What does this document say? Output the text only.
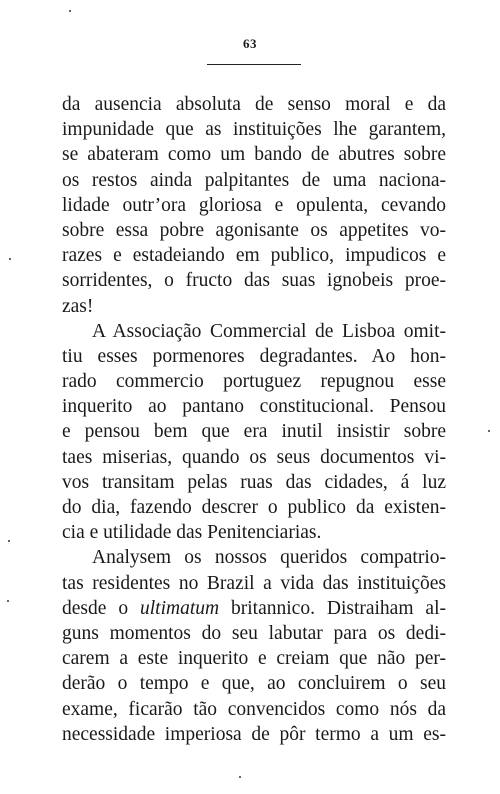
63
da ausencia absoluta de senso moral e da
impunidade que as instituições lhe garantem,
se abateram como um bando de abutres sobre
os restos ainda palpitantes de uma naciona-
lidade outr’ora gloriosa e opulenta, cevando
sobre essa pobre agonisante os appetites vo-
razes e estadeiando em publico, impudicos e
sorridentes, o fructo das suas ignobeis proe-
zas!
A Associação Commercial de Lisboa omit-
tiu esses pormenores degradantes. Ao hon-
rado commercio portuguez repugnou esse
inquerito ao pantano constitucional. Pensou
e pensou bem que era inutil insistir sobre
taes miserias, quando os seus documentos vi-
vos transitam pelas ruas das cidades, á luz
do dia, fazendo descrer o publico da existen-
cia e utilidade das Penitenciarias.
Analysem os nossos queridos compatrio-
tas residentes no Brazil a vida das instituições
desde o ultimatum britannico. Distraiham al-
guns momentos do seu labutar para os dedi-
carem a este inquerito e creiam que não per-
derão o tempo e que, ao concluirem o seu
exame, ficarão tão convencidos como nós da
necessidade imperiosa de pôr termo a um es-
